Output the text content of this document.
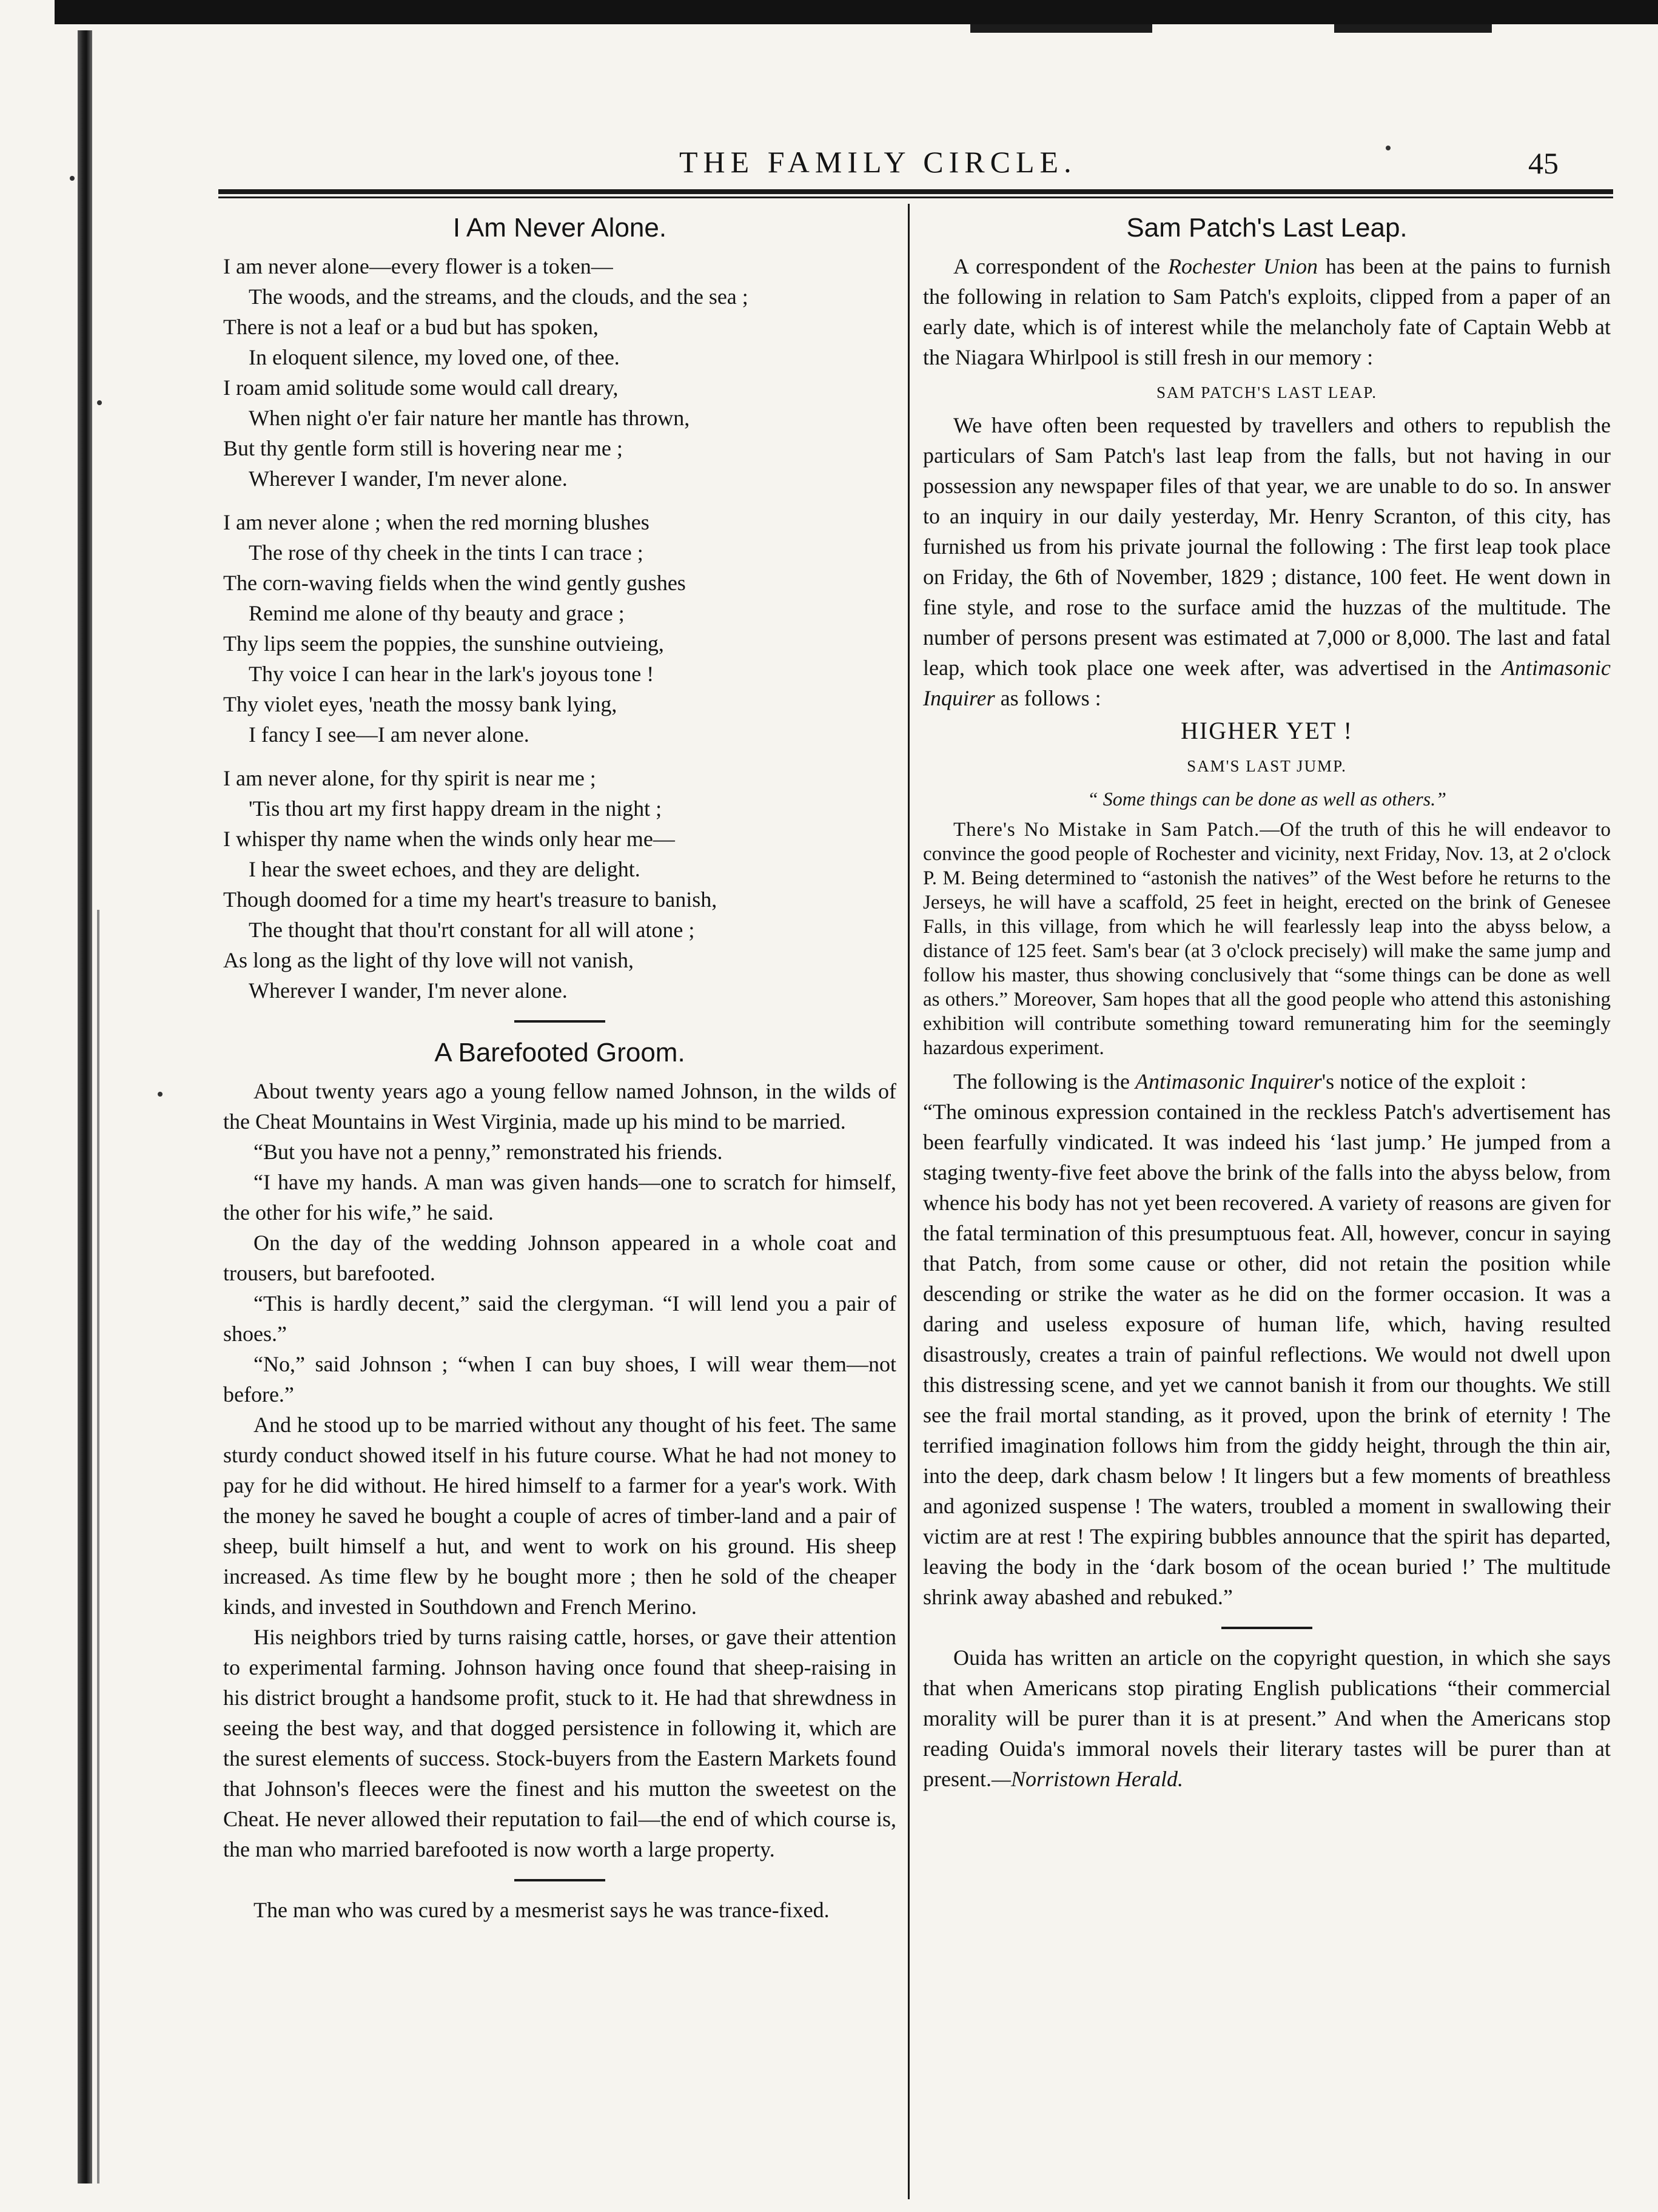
THE FAMILY CIRCLE.	45
I Am Never Alone.
I am never alone—every flower is a token—
The woods, and the streams, and the clouds, and the sea ;
There is not a leaf or a bud but has spoken,
In eloquent silence, my loved one, of thee.
I roam amid solitude some would call dreary,
When night o'er fair nature her mantle has thrown,
But thy gentle form still is hovering near me ;
Wherever I wander, I'm never alone.
I am never alone ; when the red morning blushes
The rose of thy cheek in the tints I can trace ;
The corn-waving fields when the wind gently gushes
Remind me alone of thy beauty and grace ;
Thy lips seem the poppies, the sunshine outvieing,
Thy voice I can hear in the lark's joyous tone !
Thy violet eyes, 'neath the mossy bank lying,
I fancy I see—I am never alone.
I am never alone, for thy spirit is near me ;
'Tis thou art my first happy dream in the night ;
I whisper thy name when the winds only hear me—
I hear the sweet echoes, and they are delight.
Though doomed for a time my heart's treasure to banish,
The thought that thou'rt constant for all will atone ;
As long as the light of thy love will not vanish,
Wherever I wander, I'm never alone.
A Barefooted Groom.

About twenty years ago a young fellow named Johnson, in the wilds of the Cheat Mountains in West Virginia, made up his mind to be married.

“But you have not a penny,” remonstrated his friends.

“I have my hands. A man was given hands—one to scratch for himself, the other for his wife,” he said.

On the day of the wedding Johnson appeared in a whole coat and trousers, but barefooted.

“This is hardly decent,” said the clergyman. “I will lend you a pair of shoes.”

“No,” said Johnson ; “when I can buy shoes, I will wear them—not before.”

And he stood up to be married without any thought of his feet. The same sturdy conduct showed itself in his future course. What he had not money to pay for he did without. He hired himself to a farmer for a year's work. With the money he saved he bought a couple of acres of timber-land and a pair of sheep, built himself a hut, and went to work on his ground. His sheep increased. As time flew by he bought more ; then he sold of the cheaper kinds, and invested in Southdown and French Merino.

His neighbors tried by turns raising cattle, horses, or gave their attention to experimental farming. Johnson having once found that sheep-raising in his district brought a handsome profit, stuck to it. He had that shrewdness in seeing the best way, and that dogged persistence in following it, which are the surest elements of success. Stock-buyers from the Eastern Markets found that Johnson's fleeces were the finest and his mutton the sweetest on the Cheat. He never allowed their reputation to fail—the end of which course is, the man who married barefooted is now worth a large property.

The man who was cured by a mesmerist says he was trance-fixed.

Sam Patch's Last Leap.

A correspondent of the Rochester Union has been at the pains to furnish the following in relation to Sam Patch's exploits, clipped from a paper of an early date, which is of interest while the melancholy fate of Captain Webb at the Niagara Whirlpool is still fresh in our memory :

SAM PATCH'S LAST LEAP.

We have often been requested by travellers and others to republish the particulars of Sam Patch's last leap from the falls, but not having in our possession any newspaper files of that year, we are unable to do so. In answer to an inquiry in our daily yesterday, Mr. Henry Scranton, of this city, has furnished us from his private journal the following : The first leap took place on Friday, the 6th of November, 1829 ; distance, 100 feet. He went down in fine style, and rose to the surface amid the huzzas of the multitude. The number of persons present was estimated at 7,000 or 8,000. The last and fatal leap, which took place one week after, was advertised in the Antimasonic Inquirer as follows :

HIGHER YET !
SAM'S LAST JUMP.
“ Some things can be done as well as others.”

There's No Mistake in Sam Patch.—Of the truth of this he will endeavor to convince the good people of Rochester and vicinity, next Friday, Nov. 13, at 2 o'clock P. M. Being determined to “astonish the natives” of the West before he returns to the Jerseys, he will have a scaffold, 25 feet in height, erected on the brink of Genesee Falls, in this village, from which he will fearlessly leap into the abyss below, a distance of 125 feet. Sam's bear (at 3 o'clock precisely) will make the same jump and follow his master, thus showing conclusively that “some things can be done as well as others.” Moreover, Sam hopes that all the good people who attend this astonishing exhibition will contribute something toward remunerating him for the seemingly hazardous experiment.

The following is the Antimasonic Inquirer's notice of the exploit :

“The ominous expression contained in the reckless Patch's advertisement has been fearfully vindicated. It was indeed his ‘last jump.’ He jumped from a staging twenty-five feet above the brink of the falls into the abyss below, from whence his body has not yet been recovered. A variety of reasons are given for the fatal termination of this presumptuous feat. All, however, concur in saying that Patch, from some cause or other, did not retain the position while descending or strike the water as he did on the former occasion. It was a daring and useless exposure of human life, which, having resulted disastrously, creates a train of painful reflections. We would not dwell upon this distressing scene, and yet we cannot banish it from our thoughts. We still see the frail mortal standing, as it proved, upon the brink of eternity ! The terrified imagination follows him from the giddy height, through the thin air, into the deep, dark chasm below ! It lingers but a few moments of breathless and agonized suspense ! The waters, troubled a moment in swallowing their victim are at rest ! The expiring bubbles announce that the spirit has departed, leaving the body in the ‘dark bosom of the ocean buried !’ The multitude shrink away abashed and rebuked.”

Ouida has written an article on the copyright question, in which she says that when Americans stop pirating English publications “their commercial morality will be purer than it is at present.” And when the Americans stop reading Ouida's immoral novels their literary tastes will be purer than at present.—Norristown Herald.
